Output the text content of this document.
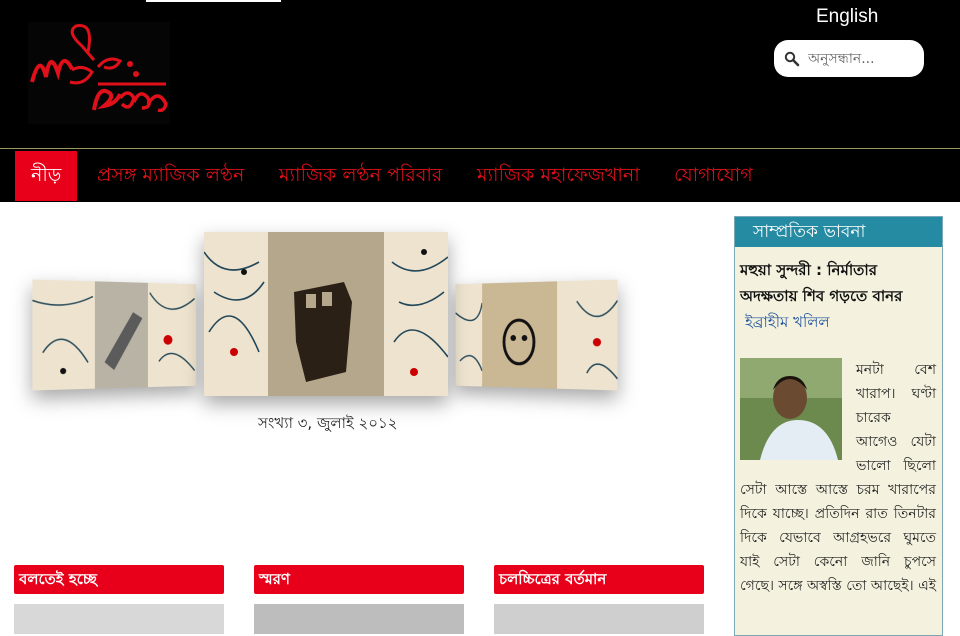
English
অনুসন্ধান...
নীড়	প্রসঙ্গ ম্যাজিক লণ্ঠন ম্যাজিক লণ্ঠন পরিবার ম্যাজিক মহাফেজখানা যোগাযোগ
সংখ্যা ৩, জুলাই ২০১২
বলতেই হচ্ছে	স্মরণ	চলচ্চিত্রের বর্তমান
সাম্প্রতিক ভাবনা
মহুয়া সুন্দরী : নির্মাতার অদক্ষতায় শিব গড়তে বানর
ইব্রাহীম খলিল
মনটা বেশ খারাপ। ঘণ্টা চারেক আগেও যেটা ভালো ছিলো সেটা আস্তে আস্তে চরম খারাপের দিকে যাচ্ছে। প্রতিদিন রাত তিনটার দিকে যেভাবে আগ্রহভরে ঘুমতে যাই সেটা কেনো জানি চুপসে গেছে। সঙ্গে অস্বস্তি তো আছেই। এই
